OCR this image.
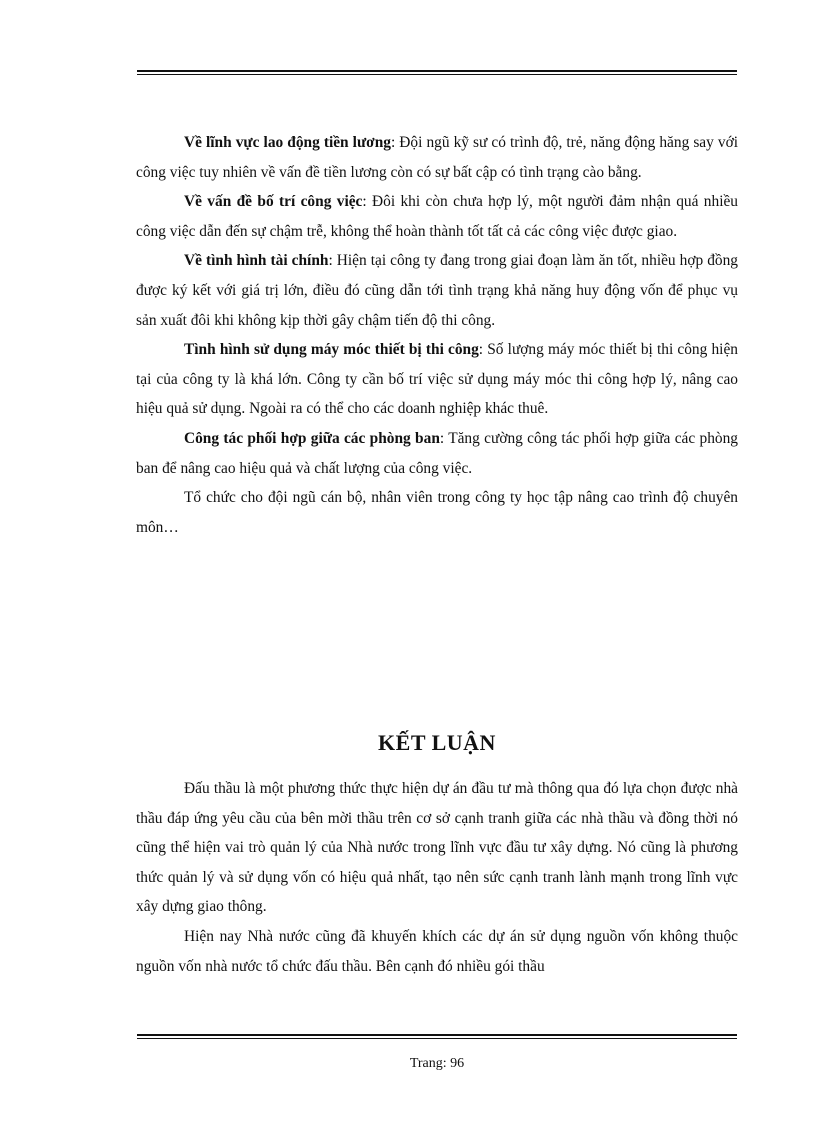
Về lĩnh vực lao động tiền lương: Đội ngũ kỹ sư có trình độ, trẻ, năng động hăng say với công việc tuy nhiên về vấn đề tiền lương còn có sự bất cập có tình trạng cào bằng.

Về vấn đề bố trí công việc: Đôi khi còn chưa hợp lý, một người đảm nhận quá nhiều công việc dẫn đến sự chậm trễ, không thể hoàn thành tốt tất cả các công việc được giao.

Về tình hình tài chính: Hiện tại công ty đang trong giai đoạn làm ăn tốt, nhiều hợp đồng được ký kết với giá trị lớn, điều đó cũng dẫn tới tình trạng khả năng huy động vốn để phục vụ sản xuất đôi khi không kịp thời gây chậm tiến độ thi công.

Tình hình sử dụng máy móc thiết bị thi công: Số lượng máy móc thiết bị thi công hiện tại của công ty là khá lớn. Công ty cần bố trí việc sử dụng máy móc thi công hợp lý, nâng cao hiệu quả sử dụng. Ngoài ra có thể cho các doanh nghiệp khác thuê.

Công tác phối hợp giữa các phòng ban: Tăng cường công tác phối hợp giữa các phòng ban để nâng cao hiệu quả và chất lượng của công việc.

Tổ chức cho đội ngũ cán bộ, nhân viên trong công ty học tập nâng cao trình độ chuyên môn…

KẾT LUẬN

Đấu thầu là một phương thức thực hiện dự án đầu tư mà thông qua đó lựa chọn được nhà thầu đáp ứng yêu cầu của bên mời thầu trên cơ sở cạnh tranh giữa các nhà thầu và đồng thời nó cũng thể hiện vai trò quản lý của Nhà nước trong lĩnh vực đầu tư xây dựng. Nó cũng là phương thức quản lý và sử dụng vốn có hiệu quả nhất, tạo nên sức cạnh tranh lành mạnh trong lĩnh vực xây dựng giao thông.

Hiện nay Nhà nước cũng đã khuyến khích các dự án sử dụng nguồn vốn không thuộc nguồn vốn nhà nước tổ chức đấu thầu. Bên cạnh đó nhiều gói thầu

Trang: 96
